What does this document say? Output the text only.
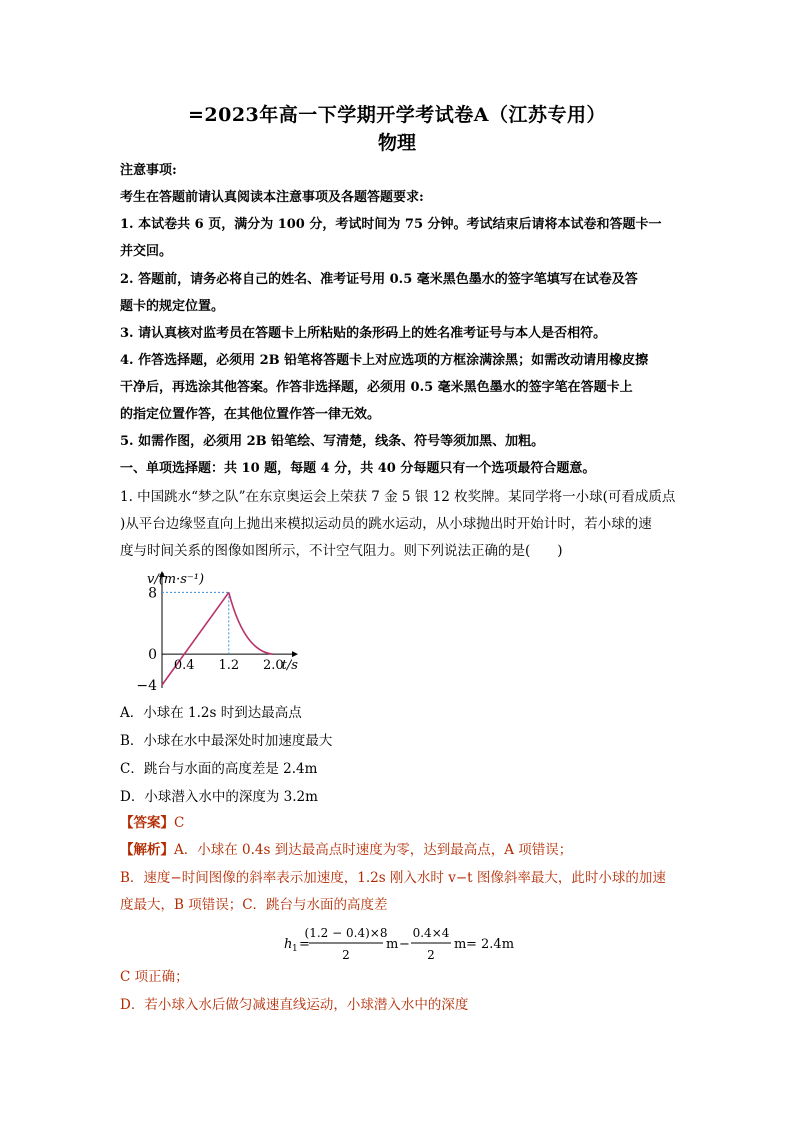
=2023年高一下学期开学考试卷A（江苏专用）
物理
注意事项:
考生在答题前请认真阅读本注意事项及各题答题要求:
1. 本试卷共 6 页，满分为 100 分，考试时间为 75 分钟。考试结束后请将本试卷和答题卡一
并交回。
2. 答题前，请务必将自己的姓名、准考证号用 0.5 毫米黑色墨水的签字笔填写在试卷及答
题卡的规定位置。
3. 请认真核对监考员在答题卡上所粘贴的条形码上的姓名准考证号与本人是否相符。
4. 作答选择题，必须用 2B 铅笔将答题卡上对应选项的方框涂满涂黑；如需改动请用橡皮擦
干净后，再选涂其他答案。作答非选择题，必须用 0.5 毫米黑色墨水的签字笔在答题卡上
的指定位置作答，在其他位置作答一律无效。
5. 如需作图，必须用 2B 铅笔绘、写清楚，线条、符号等须加黑、加粗。
一、单项选择题：共 10 题，每题 4 分，共 40 分每题只有一个选项最符合题意。
1. 中国跳水“梦之队”在东京奥运会上荣获 7 金 5 银 12 枚奖牌。某同学将一小球(可看成质点
)从平台边缘竖直向上抛出来模拟运动员的跳水运动，从小球抛出时开始计时，若小球的速
度与时间关系的图像如图所示，不计空气阻力。则下列说法正确的是(　　)
v/(m·s⁻¹)
t/s
8
0
−4
0.4 1.2 2.0
A．小球在 1.2s 时到达最高点
B．小球在水中最深处时加速度最大
C．跳台与水面的高度差是 2.4m
D．小球潜入水中的深度为 3.2m
【答案】C
【解析】A．小球在 0.4s 到达最高点时速度为零，达到最高点，A 项错误；
B．速度−时间图像的斜率表示加速度，1.2s 刚入水时 v−t 图像斜率最大，此时小球的加速
度最大，B 项错误；C．跳台与水面的高度差
h 1 =
(1.2 − 0.4)×8
2
m −
0.4×4
2
m = 2.4m
C 项正确；
D．若小球入水后做匀减速直线运动，小球潜入水中的深度
